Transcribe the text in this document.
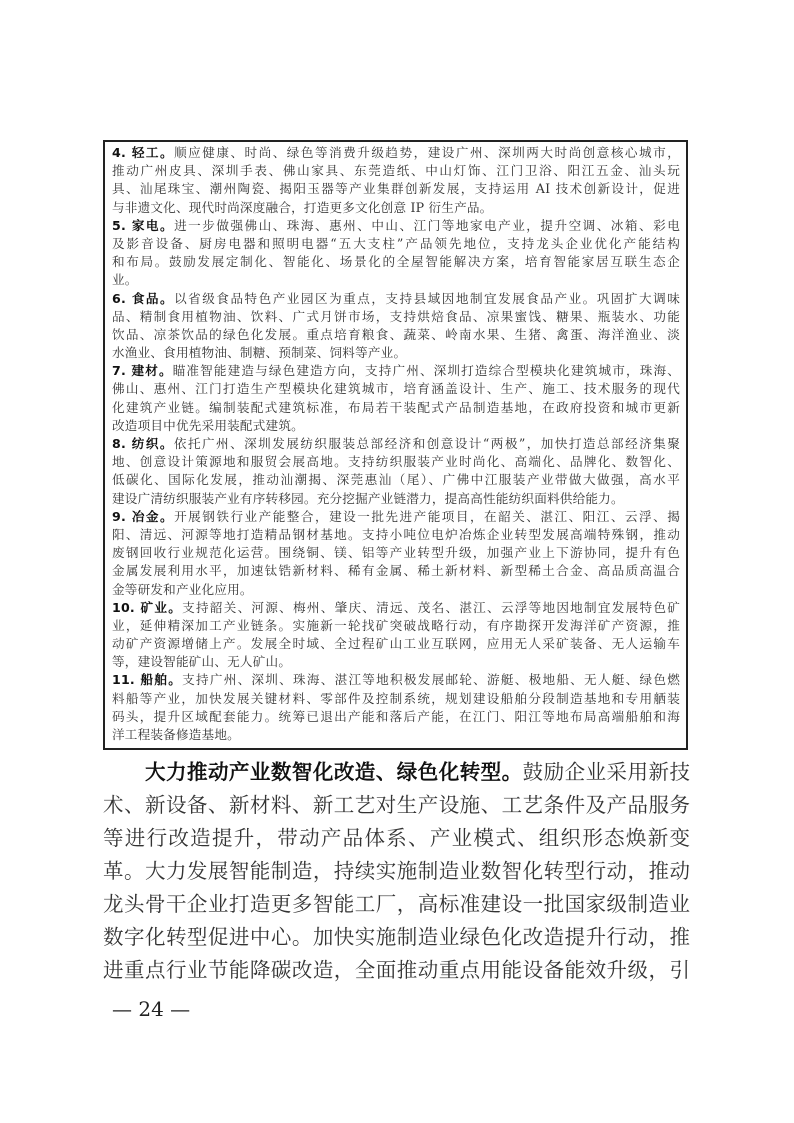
4. 轻工。顺应健康、时尚、绿色等消费升级趋势，建设广州、深圳两大时尚创意核心城市，
推动广州皮具、深圳手表、佛山家具、东莞造纸、中山灯饰、江门卫浴、阳江五金、汕头玩
具、汕尾珠宝、潮州陶瓷、揭阳玉器等产业集群创新发展，支持运用 AI 技术创新设计，促进
与非遗文化、现代时尚深度融合，打造更多文化创意 IP 衍生产品。
5. 家电。进一步做强佛山、珠海、惠州、中山、江门等地家电产业，提升空调、冰箱、彩电
及影音设备、厨房电器和照明电器“五大支柱”产品领先地位，支持龙头企业优化产能结构
和布局。鼓励发展定制化、智能化、场景化的全屋智能解决方案，培育智能家居互联生态企
业。
6. 食品。以省级食品特色产业园区为重点，支持县域因地制宜发展食品产业。巩固扩大调味
品、精制食用植物油、饮料、广式月饼市场，支持烘焙食品、凉果蜜饯、糖果、瓶装水、功能
饮品、凉茶饮品的绿色化发展。重点培育粮食、蔬菜、岭南水果、生猪、禽蛋、海洋渔业、淡
水渔业、食用植物油、制糖、预制菜、饲料等产业。
7. 建材。瞄准智能建造与绿色建造方向，支持广州、深圳打造综合型模块化建筑城市，珠海、
佛山、惠州、江门打造生产型模块化建筑城市，培育涵盖设计、生产、施工、技术服务的现代
化建筑产业链。编制装配式建筑标准，布局若干装配式产品制造基地，在政府投资和城市更新
改造项目中优先采用装配式建筑。
8. 纺织。依托广州、深圳发展纺织服装总部经济和创意设计“两极”，加快打造总部经济集聚
地、创意设计策源地和服贸会展高地。支持纺织服装产业时尚化、高端化、品牌化、数智化、
低碳化、国际化发展，推动汕潮揭、深莞惠汕（尾）、广佛中江服装产业带做大做强，高水平
建设广清纺织服装产业有序转移园。充分挖掘产业链潜力，提高高性能纺织面料供给能力。
9. 冶金。开展钢铁行业产能整合，建设一批先进产能项目，在韶关、湛江、阳江、云浮、揭
阳、清远、河源等地打造精品钢材基地。支持小吨位电炉冶炼企业转型发展高端特殊钢，推动
废钢回收行业规范化运营。围绕铜、镁、铝等产业转型升级，加强产业上下游协同，提升有色
金属发展利用水平，加速钛锆新材料、稀有金属、稀土新材料、新型稀土合金、高品质高温合
金等研发和产业化应用。
10. 矿业。支持韶关、河源、梅州、肇庆、清远、茂名、湛江、云浮等地因地制宜发展特色矿
业，延伸精深加工产业链条。实施新一轮找矿突破战略行动，有序勘探开发海洋矿产资源，推
动矿产资源增储上产。发展全时域、全过程矿山工业互联网，应用无人采矿装备、无人运输车
等，建设智能矿山、无人矿山。
11. 船舶。支持广州、深圳、珠海、湛江等地积极发展邮轮、游艇、极地船、无人艇、绿色燃
料船等产业，加快发展关键材料、零部件及控制系统，规划建设船舶分段制造基地和专用舾装
码头，提升区域配套能力。统筹已退出产能和落后产能，在江门、阳江等地布局高端船舶和海
洋工程装备修造基地。
大力推动产业数智化改造、绿色化转型。鼓励企业采用新技
术、新设备、新材料、新工艺对生产设施、工艺条件及产品服务
等进行改造提升，带动产品体系、产业模式、组织形态焕新变
革。大力发展智能制造，持续实施制造业数智化转型行动，推动
龙头骨干企业打造更多智能工厂，高标准建设一批国家级制造业
数字化转型促进中心。加快实施制造业绿色化改造提升行动，推
进重点行业节能降碳改造，全面推动重点用能设备能效升级，引
— 24 —
